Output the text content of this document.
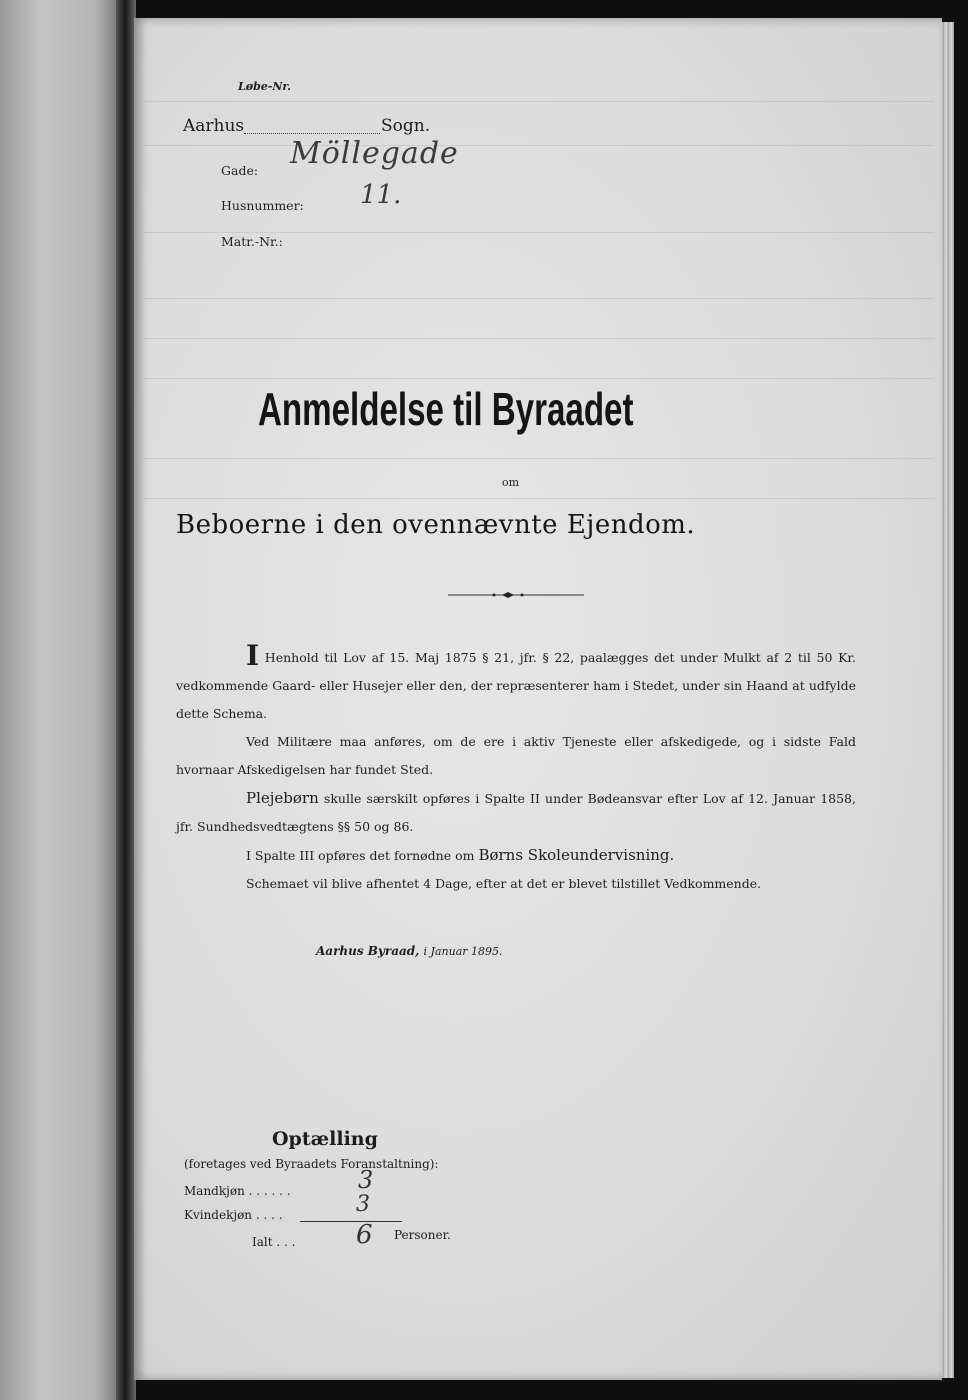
Løbe-Nr.
Aarhus	Sogn.
Gade: Möllegade
Husnummer: 11.
Matr.-Nr.:
Anmeldelse til Byraadet
om
Beboerne i den ovennævnte Ejendom.

I Henhold til Lov af 15. Maj 1875 § 21, jfr. § 22, paalægges det under Mulkt af 2 til 50 Kr. vedkommende Gaard- eller Husejer eller den, der repræsenterer ham i Stedet, under sin Haand at udfylde dette Schema.

Ved Militære maa anføres, om de ere i aktiv Tjeneste eller afskedigede, og i sidste Fald hvornaar Afskedigelsen har fundet Sted.

Plejebørn skulle særskilt opføres i Spalte II under Bødeansvar efter Lov af 12. Januar 1858, jfr. Sundhedsvedtægtens §§ 50 og 86.

I Spalte III opføres det fornødne om Børns Skoleundervisning.

Schemaet vil blive afhentet 4 Dage, efter at det er blevet tilstillet Vedkommende.

Aarhus Byraad, i Januar 1895.
Optælling
(foretages ved Byraadets Foranstaltning):
Mandkjøn . . . . . .	3
Kvindekjøn . . . .	3
Ialt . . . 6 Personer.
